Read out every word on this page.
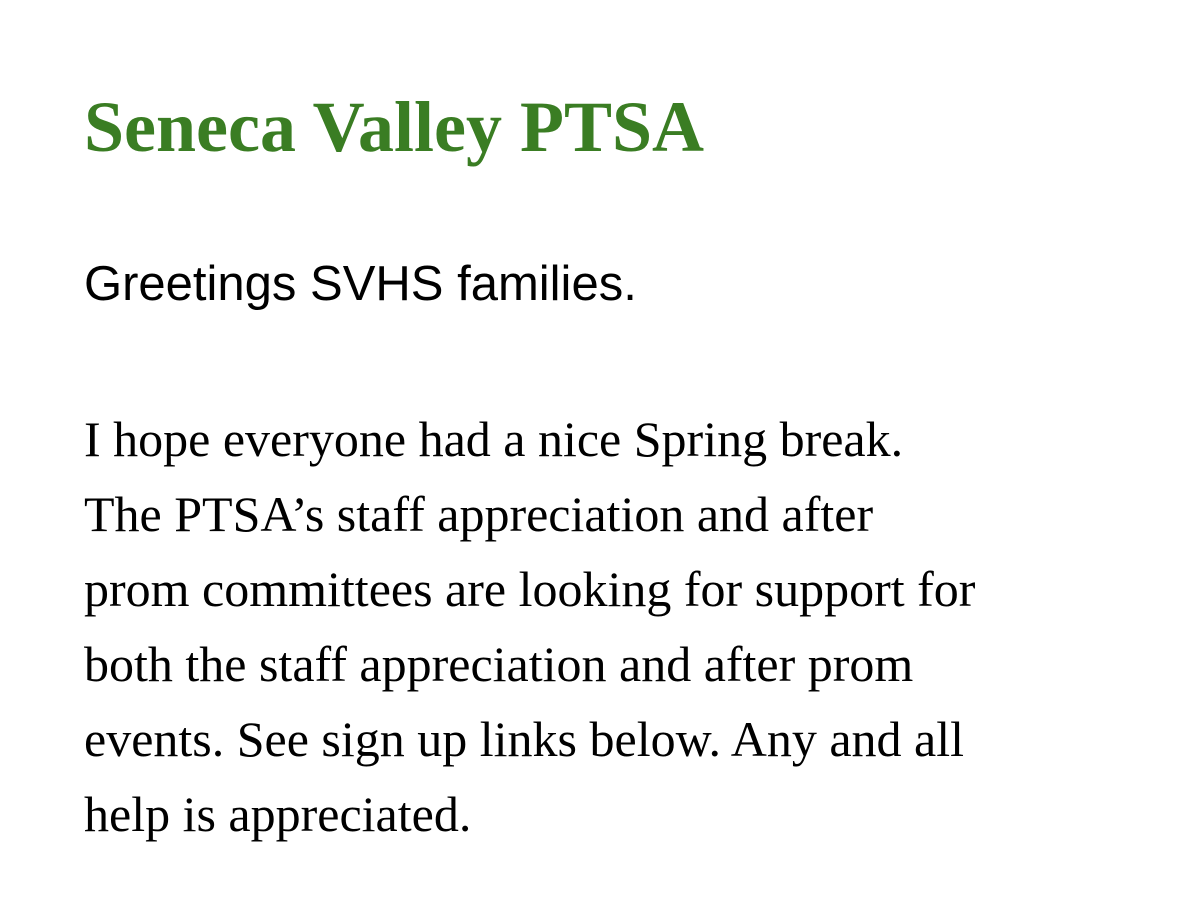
Seneca Valley PTSA

Greetings SVHS families.

I hope everyone had a nice Spring break.
The PTSA’s staff appreciation and after
prom committees are looking for support for
both the staff appreciation and after prom
events. See sign up links below. Any and all
help is appreciated.
